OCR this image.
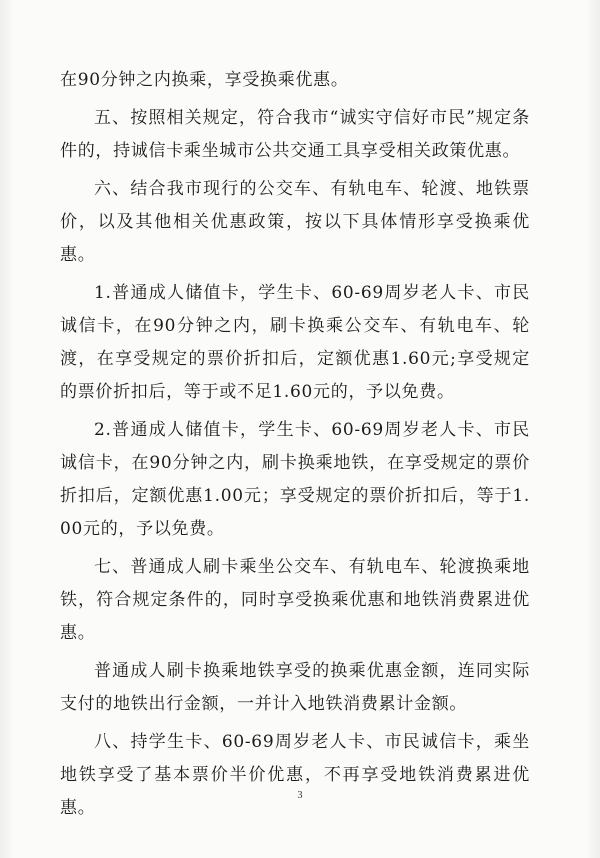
在90分钟之内换乘，享受换乘优惠。

五、按照相关规定，符合我市“诚实守信好市民”规定条件的，持诚信卡乘坐城市公共交通工具享受相关政策优惠。

六、结合我市现行的公交车、有轨电车、轮渡、地铁票价，以及其他相关优惠政策，按以下具体情形享受换乘优惠。

1.普通成人储值卡，学生卡、60-69周岁老人卡、市民诚信卡，在90分钟之内，刷卡换乘公交车、有轨电车、轮渡，在享受规定的票价折扣后，定额优惠1.60元;享受规定的票价折扣后，等于或不足1.60元的，予以免费。

2.普通成人储值卡，学生卡、60-69周岁老人卡、市民诚信卡，在90分钟之内，刷卡换乘地铁，在享受规定的票价折扣后，定额优惠1.00元；享受规定的票价折扣后，等于1.00元的，予以免费。

七、普通成人刷卡乘坐公交车、有轨电车、轮渡换乘地铁，符合规定条件的，同时享受换乘优惠和地铁消费累进优惠。

普通成人刷卡换乘地铁享受的换乘优惠金额，连同实际支付的地铁出行金额，一并计入地铁消费累计金额。

八、持学生卡、60-69周岁老人卡、市民诚信卡，乘坐地铁享受了基本票价半价优惠，不再享受地铁消费累进优惠。

3
